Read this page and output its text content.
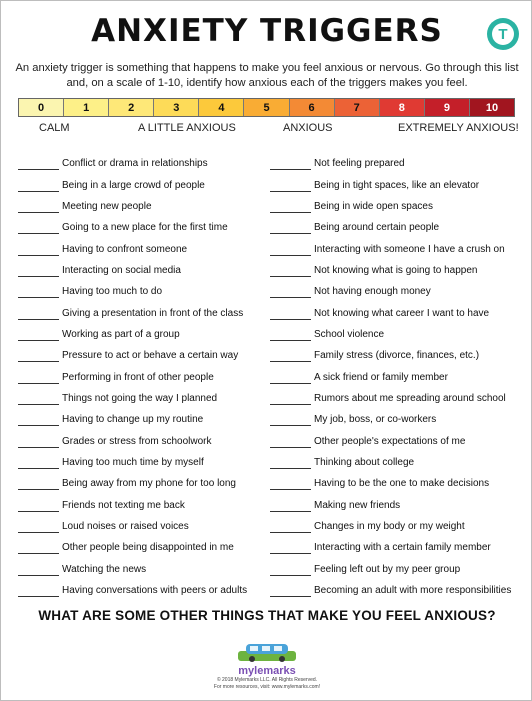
ANXIETY TRIGGERS	T
An anxiety trigger is something that happens to make you feel anxious or nervous. Go through this list and, on a scale of 1-10, identify how anxious each of the triggers makes you feel.
0	1	2	3	4	5	6	7	8	9	10
CALM	A LITTLE ANXIOUS	ANXIOUS	EXTREMELY ANXIOUS!
Conflict or drama in relationships
Being in a large crowd of people
Meeting new people
Going to a new place for the first time
Having to confront someone
Interacting on social media
Having too much to do
Giving a presentation in front of the class
Working as part of a group
Pressure to act or behave a certain way
Performing in front of other people
Things not going the way I planned
Having to change up my routine
Grades or stress from schoolwork
Having too much time by myself
Being away from my phone for too long
Friends not texting me back
Loud noises or raised voices
Other people being disappointed in me
Watching the news
Having conversations with peers or adults
Not feeling prepared
Being in tight spaces, like an elevator
Being in wide open spaces
Being around certain people
Interacting with someone I have a crush on
Not knowing what is going to happen
Not having enough money
Not knowing what career I want to have
School violence
Family stress (divorce, finances, etc.)
A sick friend or family member
Rumors about me spreading around school
My job, boss, or co-workers
Other people's expectations of me
Thinking about college
Having to be the one to make decisions
Making new friends
Changes in my body or my weight
Interacting with a certain family member
Feeling left out by my peer group
Becoming an adult with more responsibilities
WHAT ARE SOME OTHER THINGS THAT MAKE YOU FEEL ANXIOUS?
mylemarks
© 2018 Mylemarks LLC. All Rights Reserved.
For more resources, visit: www.mylemarks.com!
